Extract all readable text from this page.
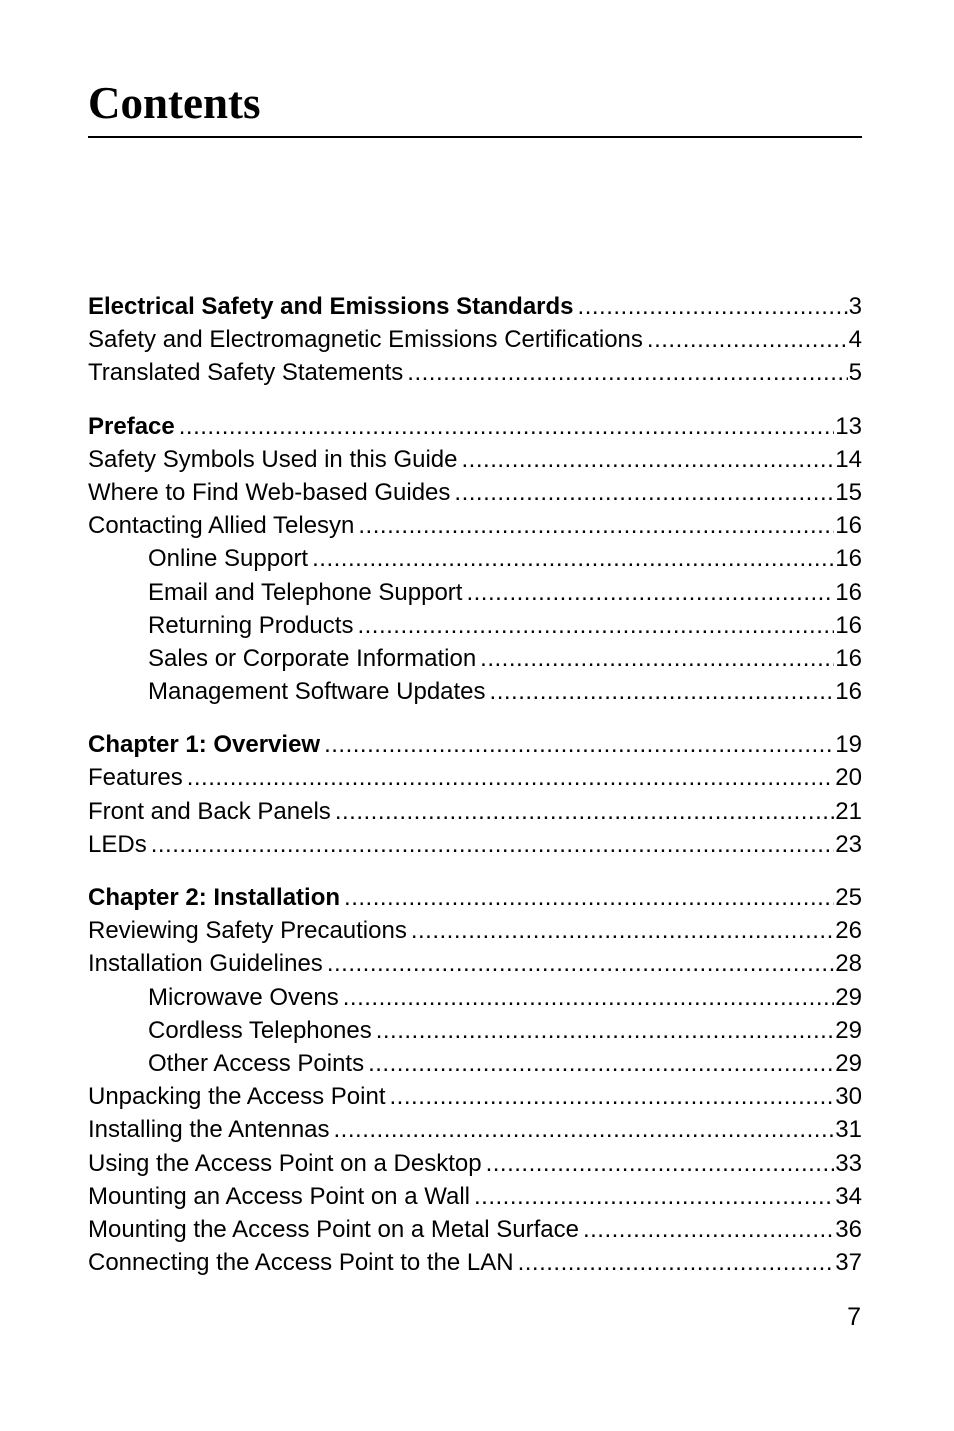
Contents
Electrical Safety and Emissions Standards .....	3
Safety and Electromagnetic Emissions Certifications .....	4
Translated Safety Statements .....	5
Preface .....	13
Safety Symbols Used in this Guide .....	14
Where to Find Web-based Guides .....	15
Contacting Allied Telesyn .....	16
Online Support .....	16
Email and Telephone Support .....	16
Returning Products .....	16
Sales or Corporate Information .....	16
Management Software Updates .....	16
Chapter 1: Overview .....	19
Features .....	20
Front and Back Panels .....	21
LEDs .....	23
Chapter 2: Installation .....	25
Reviewing Safety Precautions .....	26
Installation Guidelines .....	28
Microwave Ovens .....	29
Cordless Telephones .....	29
Other Access Points .....	29
Unpacking the Access Point .....	30
Installing the Antennas .....	31
Using the Access Point on a Desktop .....	33
Mounting an Access Point on a Wall .....	34
Mounting the Access Point on a Metal Surface .....	36
Connecting the Access Point to the LAN .....	37
7
